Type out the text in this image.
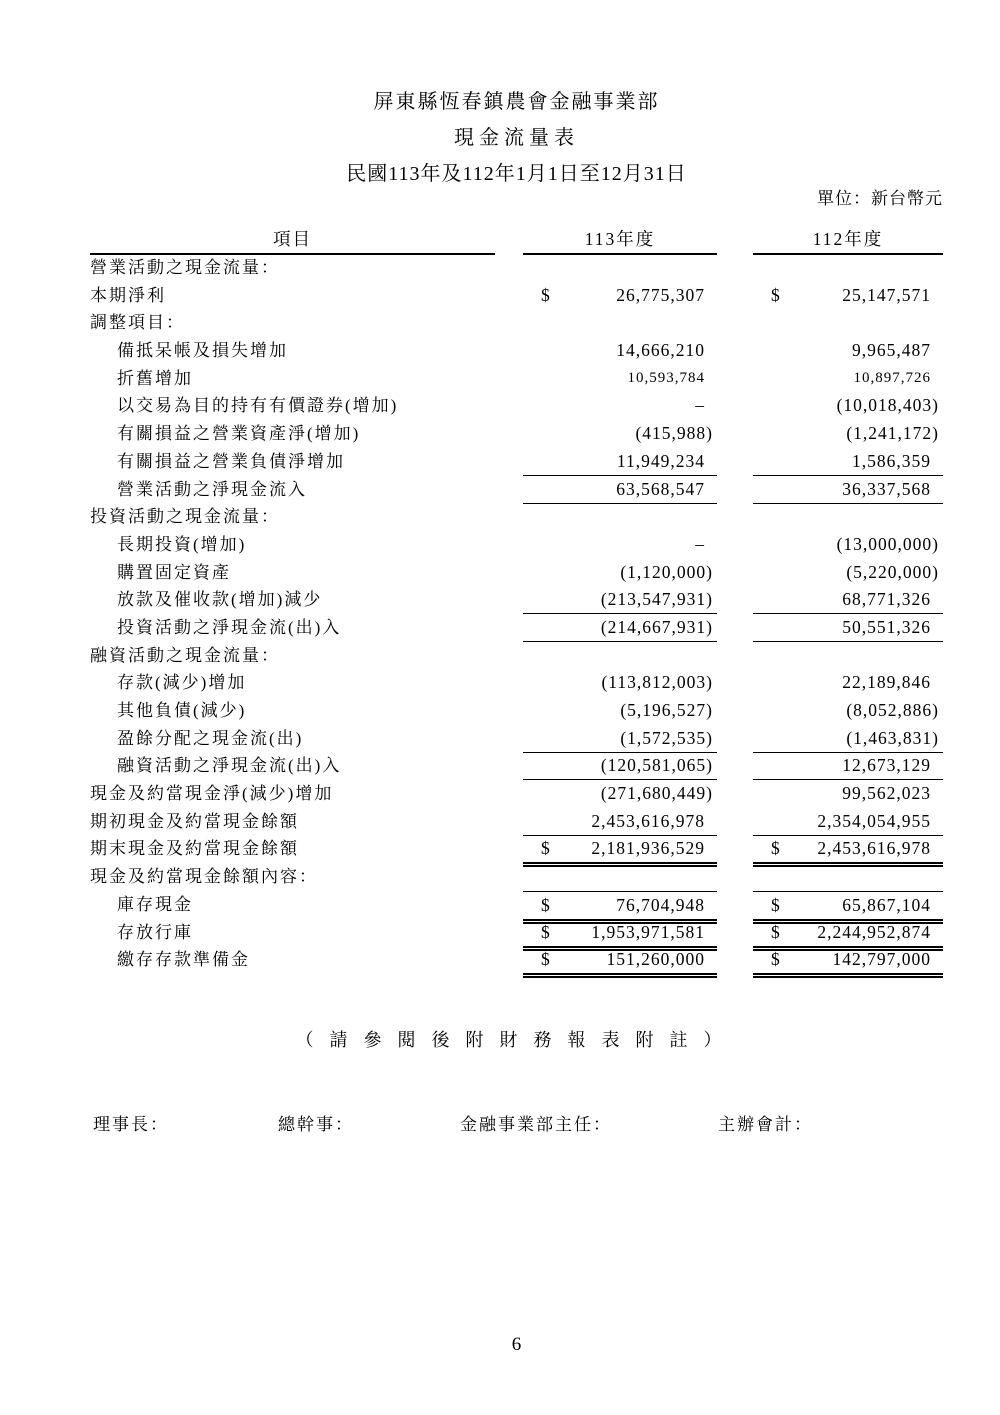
屏東縣恆春鎮農會金融事業部
現金流量表
民國113年及112年1月1日至12月31日
單位：新台幣元
項目	113年度	112年度
營業活動之現金流量：
本期淨利	$	26,775,307	$	25,147,571
調整項目：
備抵呆帳及損失增加	14,666,210	9,965,487
折舊增加	10,593,784	10,897,726
以交易為目的持有有價證券(增加)	–	(10,018,403)
有關損益之營業資產淨(增加)	(415,988)	(1,241,172)
有關損益之營業負債淨增加	11,949,234	1,586,359
營業活動之淨現金流入	63,568,547	36,337,568
投資活動之現金流量：
長期投資(增加)	–	(13,000,000)
購置固定資產	(1,120,000)	(5,220,000)
放款及催收款(增加)減少	(213,547,931)	68,771,326
投資活動之淨現金流(出)入	(214,667,931)	50,551,326
融資活動之現金流量：
存款(減少)增加	(113,812,003)	22,189,846
其他負債(減少)	(5,196,527)	(8,052,886)
盈餘分配之現金流(出)	(1,572,535)	(1,463,831)
融資活動之淨現金流(出)入	(120,581,065)	12,673,129
現金及約當現金淨(減少)增加	(271,680,449)	99,562,023
期初現金及約當現金餘額	2,453,616,978	2,354,054,955
期末現金及約當現金餘額	$ 2,181,936,529	$ 2,453,616,978
現金及約當現金餘額內容：
庫存現金	$	76,704,948	$	65,867,104
存放行庫	$ 1,953,971,581	$ 2,244,952,874
繳存存款準備金	$	151,260,000	$	142,797,000
（請參閱後附財務報表附註）
理事長：	總幹事：	金融事業部主任：	主辦會計：
6
